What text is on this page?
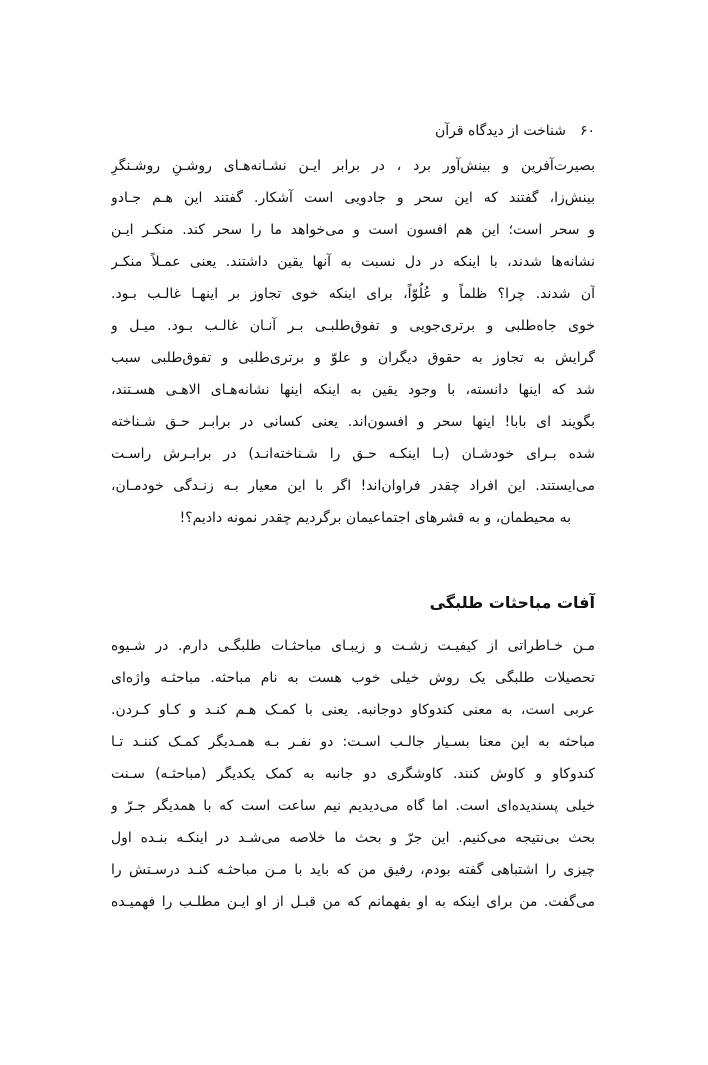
۶۰شناخت از دیدگاه قرآن
بصیرت‌آفرین و بینش‌آور برد ، در برابر ایـن نشـانه‌هـای روشـنِ روشـنگرِ
بینش‌زا، گفتند که این سحر و جادویی است آشکار. گفتند این هـم جـادو
و سحر است؛ این هم افسون است و می‌خواهد ما را سحر کند. منکـر ایـن
نشانه‌ها شدند، با اینکه در دل نسبت به آنها یقین داشتند. یعنی عمـلاً منکـر
آن شدند. چرا؟ ظلماً و عُلُوّاً، برای اینکه خوی تجاوز بر اینهـا غالـب بـود.
خوی جاه‌طلبی و برتری‌جویی و تفوق‌طلبـی بـر آنـان غالـب بـود. میـل و
گرایش به تجاوز به حقوق دیگران و علوّ و برتری‌طلبی و تفوق‌طلبی سبب
شد که اینها دانسته، با وجود یقین به اینکه اینها نشانه‌هـای الاهـی هسـتند،
بگویند ای بابا! اینها سحر و افسون‌اند. یعنی کسانی در برابـر حـق شـناخته
شده بـرای خودشـان (بـا اینکـه حـق را شـناخته‌انـد) در برابـرش راسـت
می‌ایستند. این افراد چقدر فراوان‌اند! اگر با این معیار بـه زنـدگی خودمـان،
به محیطمان، و به قشرهای اجتماعیمان برگردیم چقدر نمونه دادیم؟!
آفات مباحثات طلبگی
مـن خـاطراتی از کیفیـت زشـت و زیبـای مباحثـات طلبگـی دارم. در شـیوه
تحصیلات طلبگی یک روش خیلی خوب هست به نام مباحثه. مباحثـه واژه‌ای
عربی است، به معنی کندوکاو دوجانبه. یعنی با کمـک هـم کنـد و کـاو کـردن.
مباحثه به این معنا بسـیار جالـب اسـت: دو نفـر بـه همـدیگر کمـک کننـد تـا
کندوکاو و کاوش کنند. کاوشگری دو جانبه به کمک یکدیگر (مباحثـه) سـنت
خیلی پسندیده‌ای است. اما گاه می‌دیدیم نیم ساعت است که با همدیگر جـرّ و
بحث بی‌نتیجه می‌کنیم. این جرّ و بحث ما خلاصه می‌شـد در اینکـه بنـده اول
چیزی را اشتباهی گفته بودم، رفیق من که باید با مـن مباحثـه کنـد درسـتش را
می‌گفت. من برای اینکه به او بفهمانم که من قبـل از او ایـن مطلـب را فهمیـده
